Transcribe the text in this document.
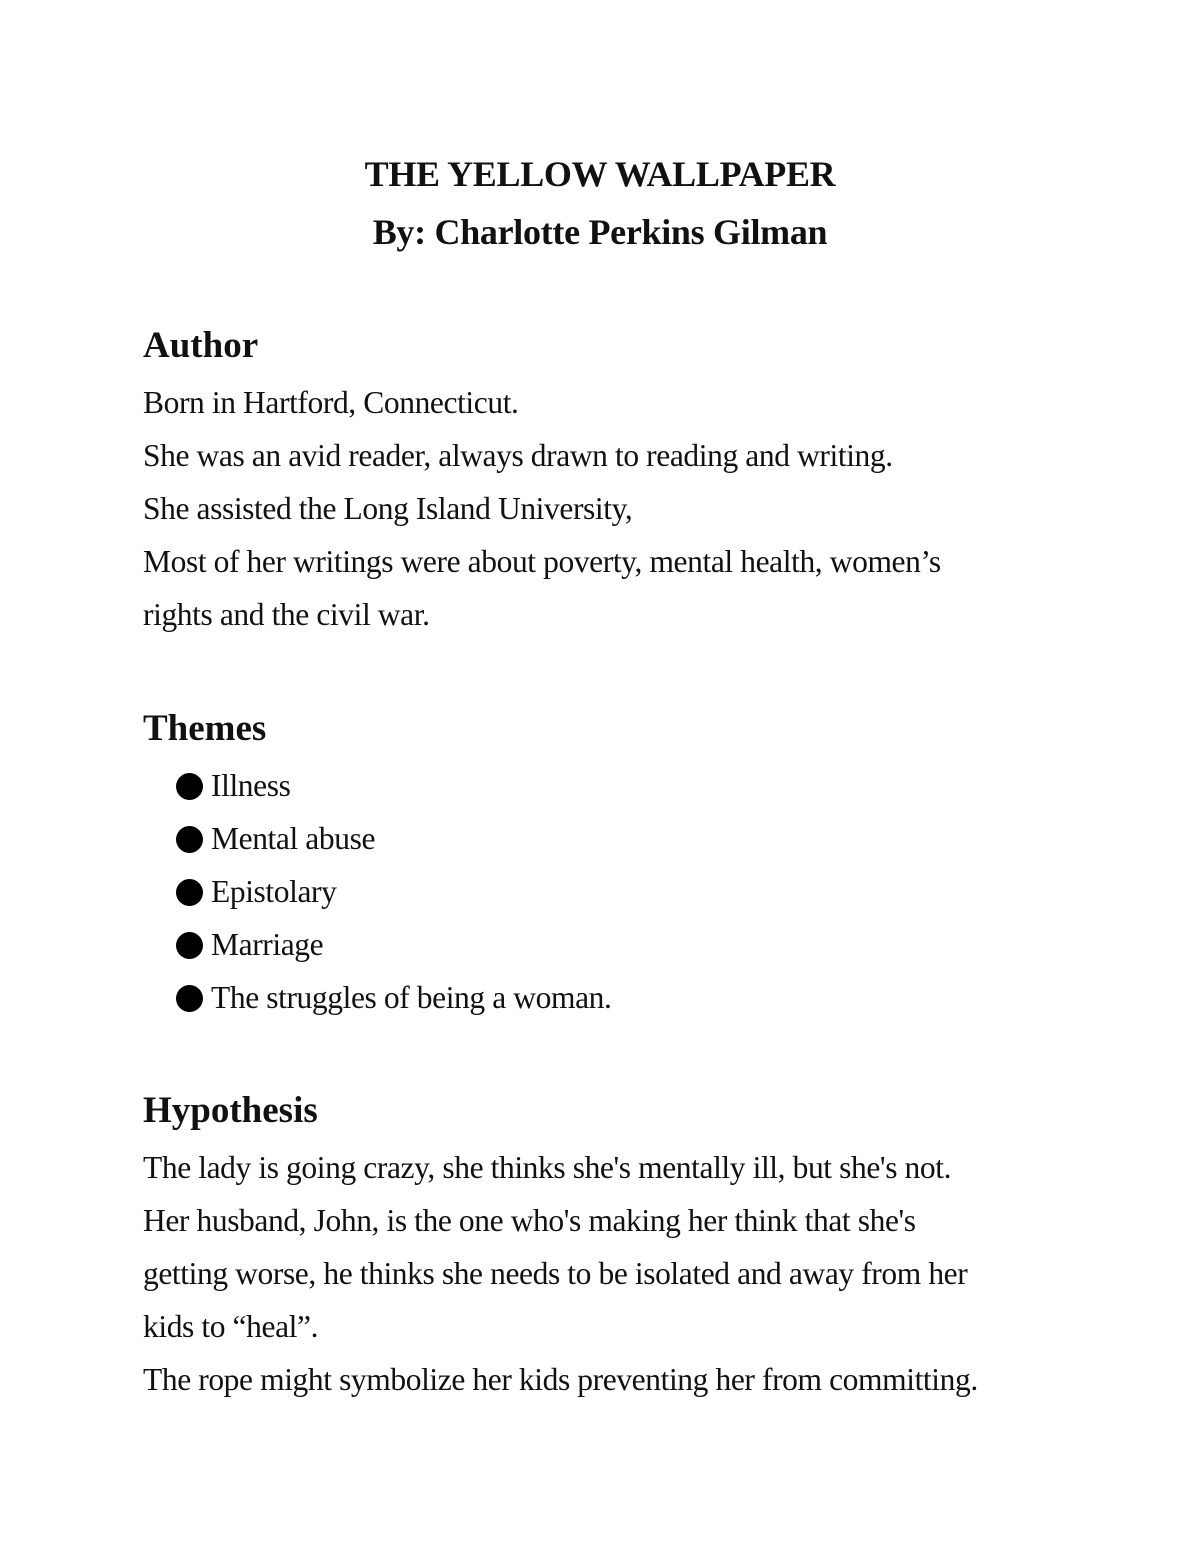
THE YELLOW WALLPAPER
By: Charlotte Perkins Gilman
Author
Born in Hartford, Connecticut.
She was an avid reader, always drawn to reading and writing.
She assisted the Long Island University,
Most of her writings were about poverty, mental health, women’s
rights and the civil war.
Themes
Illness
Mental abuse
Epistolary
Marriage
The struggles of being a woman.
Hypothesis
The lady is going crazy, she thinks she's mentally ill, but she's not.
Her husband, John, is the one who's making her think that she's
getting worse, he thinks she needs to be isolated and away from her
kids to “heal”.
The rope might symbolize her kids preventing her from committing.
